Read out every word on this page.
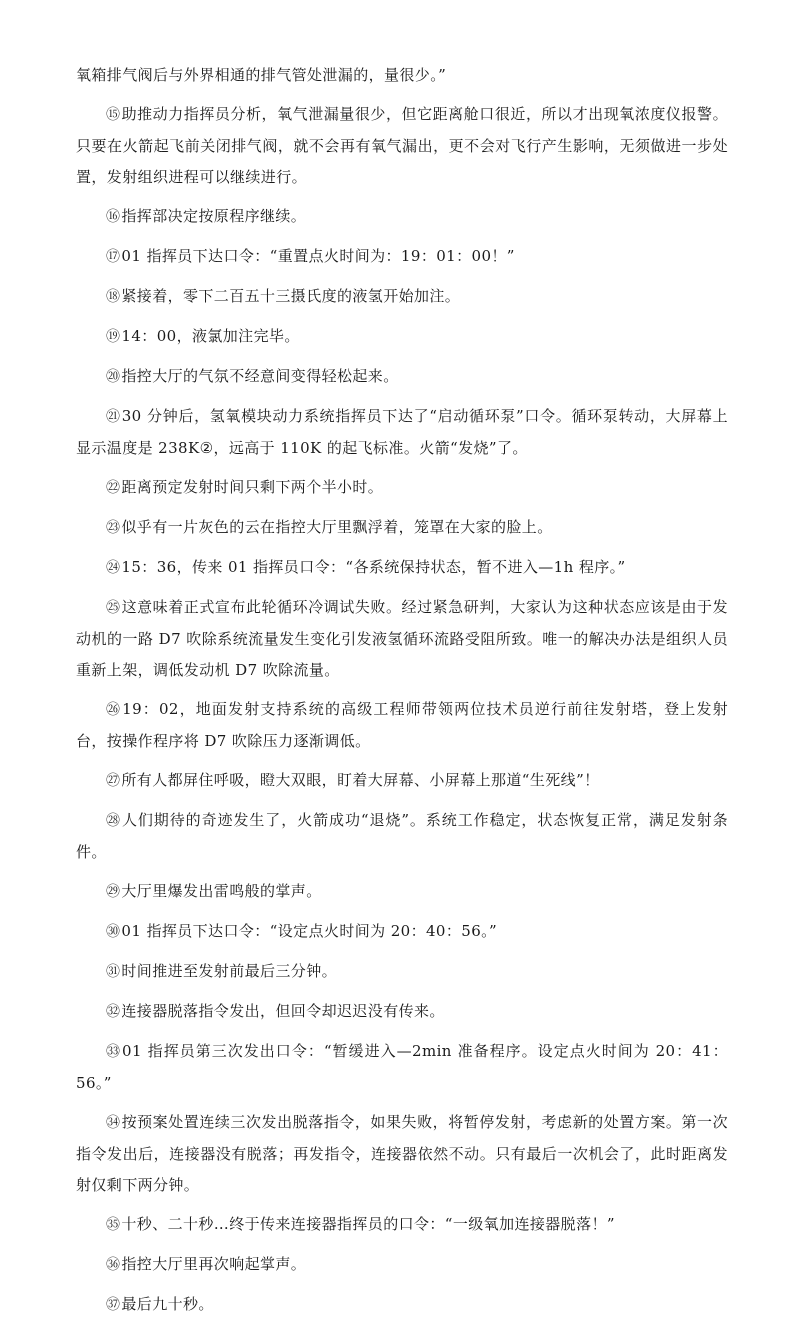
氧箱排气阀后与外界相通的排气管处泄漏的，量很少。”

⑮助推动力指挥员分析，氧气泄漏量很少，但它距离舱口很近，所以才出现氧浓度仪报警。只要在火箭起飞前关闭排气阀，就不会再有氧气漏出，更不会对飞行产生影响，无须做进一步处置，发射组织进程可以继续进行。

⑯指挥部决定按原程序继续。

⑰01 指挥员下达口令：“重置点火时间为：19：01：00！”

⑱紧接着，零下二百五十三摄氏度的液氢开始加注。

⑲14：00，液氯加注完毕。

⑳指控大厅的气氛不经意间变得轻松起来。

㉑30 分钟后，氢氧模块动力系统指挥员下达了“启动循环泵”口令。循环泵转动，大屏幕上显示温度是 238K②，远高于 110K 的起飞标准。火箭“发烧”了。

㉒距离预定发射时间只剩下两个半小时。

㉓似乎有一片灰色的云在指控大厅里飘浮着，笼罩在大家的脸上。

㉔15：36，传来 01 指挥员口令：“各系统保持状态，暂不进入—1h 程序。”

㉕这意味着正式宣布此轮循环冷调试失败。经过紧急研判，大家认为这种状态应该是由于发动机的一路 D7 吹除系统流量发生变化引发液氢循环流路受阻所致。唯一的解决办法是组织人员重新上架，调低发动机 D7 吹除流量。

㉖19：02，地面发射支持系统的高级工程师带领两位技术员逆行前往发射塔，登上发射台，按操作程序将 D7 吹除压力逐渐调低。

㉗所有人都屏住呼吸，瞪大双眼，盯着大屏幕、小屏幕上那道“生死线”！

㉘人们期待的奇迹发生了，火箭成功“退烧”。系统工作稳定，状态恢复正常，满足发射条件。

㉙大厅里爆发出雷鸣般的掌声。

㉚01 指挥员下达口令：“设定点火时间为 20：40：56。”

㉛时间推进至发射前最后三分钟。

㉜连接器脱落指令发出，但回令却迟迟没有传来。

㉝01 指挥员第三次发出口令：“暂缓进入—2min 准备程序。设定点火时间为 20：41：56。”

㉞按预案处置连续三次发出脱落指令，如果失败，将暂停发射，考虑新的处置方案。第一次指令发出后，连接器没有脱落；再发指令，连接器依然不动。只有最后一次机会了，此时距离发射仅剩下两分钟。

㉟十秒、二十秒…终于传来连接器指挥员的口令：“一级氧加连接器脱落！”

㊱指控大厅里再次响起掌声。

㊲最后九十秒。
